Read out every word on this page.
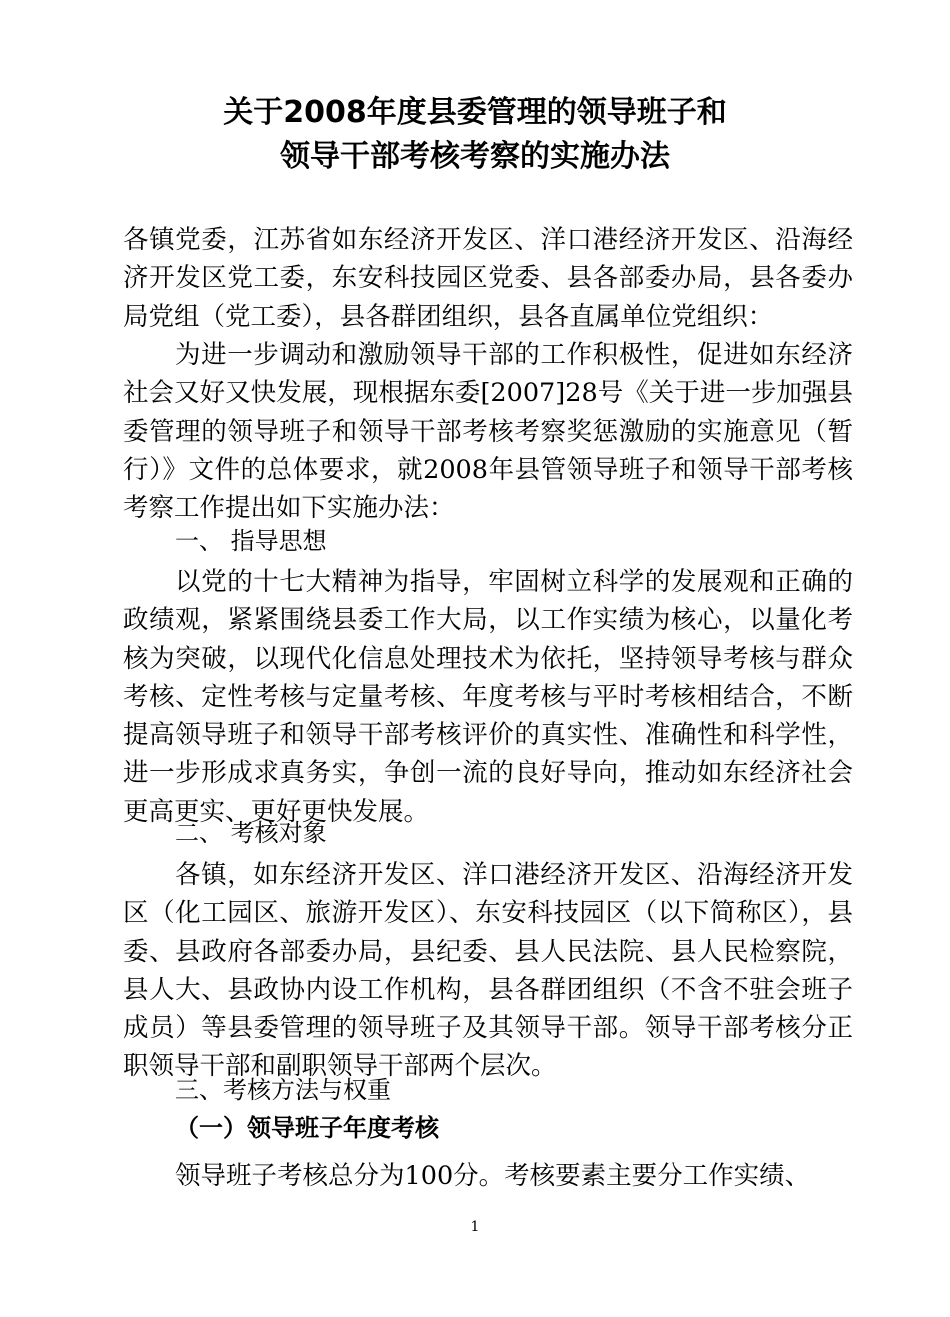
关于2008年度县委管理的领导班子和
领导干部考核考察的实施办法

各镇党委，江苏省如东经济开发区、洋口港经济开发区、沿海经济开发区党工委，东安科技园区党委、县各部委办局，县各委办局党组（党工委），县各群团组织，县各直属单位党组织：

为进一步调动和激励领导干部的工作积极性，促进如东经济社会又好又快发展，现根据东委[2007]28号《关于进一步加强县委管理的领导班子和领导干部考核考察奖惩激励的实施意见（暂行）》文件的总体要求，就2008年县管领导班子和领导干部考核考察工作提出如下实施办法：

一、 指导思想

以党的十七大精神为指导，牢固树立科学的发展观和正确的政绩观，紧紧围绕县委工作大局，以工作实绩为核心，以量化考核为突破，以现代化信息处理技术为依托，坚持领导考核与群众考核、定性考核与定量考核、年度考核与平时考核相结合，不断提高领导班子和领导干部考核评价的真实性、准确性和科学性，进一步形成求真务实，争创一流的良好导向，推动如东经济社会更高更实、更好更快发展。

二、 考核对象

各镇，如东经济开发区、洋口港经济开发区、沿海经济开发区（化工园区、旅游开发区）、东安科技园区（以下简称区），县委、县政府各部委办局，县纪委、县人民法院、县人民检察院，县人大、县政协内设工作机构，县各群团组织（不含不驻会班子成员）等县委管理的领导班子及其领导干部。领导干部考核分正职领导干部和副职领导干部两个层次。

三、考核方法与权重
（一）领导班子年度考核

领导班子考核总分为100分。考核要素主要分工作实绩、

1
